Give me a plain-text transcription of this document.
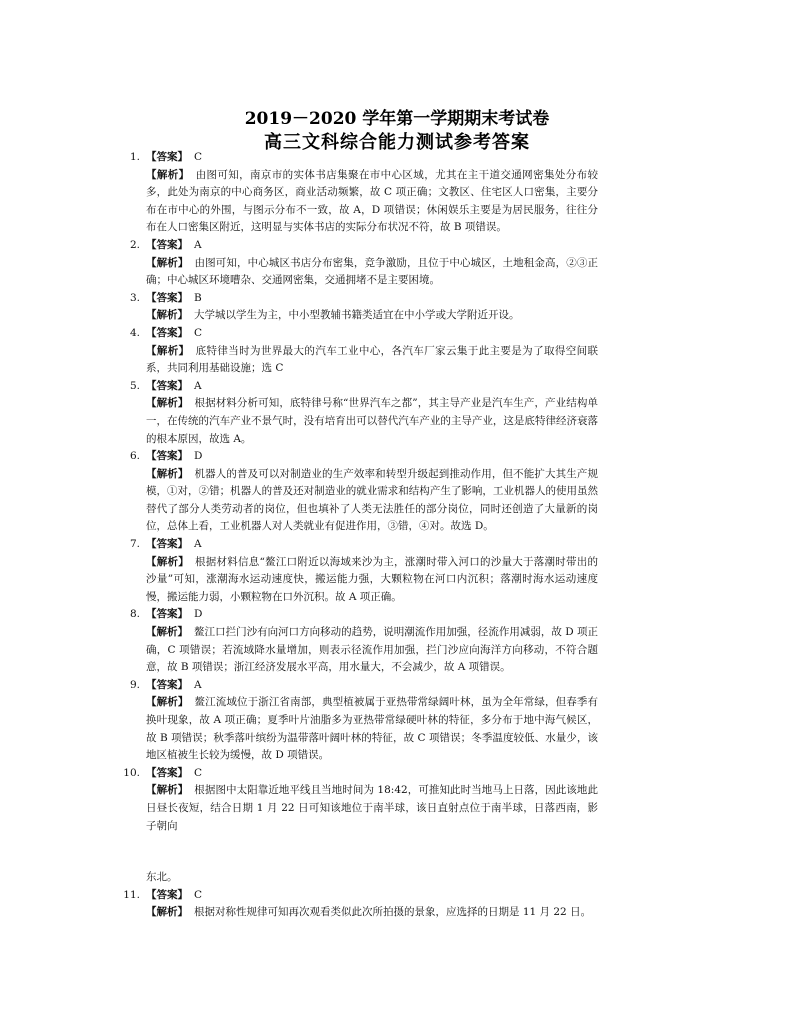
2019－2020 学年第一学期期末考试卷
高三文科综合能力测试参考答案
1. 【答案】 C
【解析】 由图可知，南京市的实体书店集聚在市中心区域，尤其在主干道交通网密集处分布较多，此处为南京的中心商务区，商业活动频繁，故 C 项正确；文教区、住宅区人口密集，主要分布在市中心的外围，与图示分布不一致，故 A，D 项错误；休闲娱乐主要是为居民服务，往往分布在人口密集区附近，这明显与实体书店的实际分布状况不符，故 B 项错误。
2. 【答案】 A
【解析】 由图可知，中心城区书店分布密集，竞争激励，且位于中心城区，土地租金高，②③正确；中心城区环境嘈杂、交通网密集，交通拥堵不是主要困境。
3. 【答案】 B
【解析】 大学城以学生为主，中小型教辅书籍类适宜在中小学或大学附近开设。
4. 【答案】 C
【解析】 底特律当时为世界最大的汽车工业中心，各汽车厂家云集于此主要是为了取得空间联系，共同利用基础设施；选 C
5. 【答案】 A
【解析】 根据材料分析可知，底特律号称“世界汽车之都”，其主导产业是汽车生产，产业结构单一，在传统的汽车产业不景气时，没有培育出可以替代汽车产业的主导产业，这是底特律经济衰落的根本原因，故选 A。
6. 【答案】 D
【解析】 机器人的普及可以对制造业的生产效率和转型升级起到推动作用，但不能扩大其生产规模，①对，②错；机器人的普及还对制造业的就业需求和结构产生了影响，工业机器人的使用虽然替代了部分人类劳动者的岗位，但也填补了人类无法胜任的部分岗位，同时还创造了大量新的岗位，总体上看，工业机器人对人类就业有促进作用，③错，④对。故选 D。
7. 【答案】 A
【解析】 根据材料信息“鳌江口附近以海域来沙为主，涨潮时带入河口的沙量大于落潮时带出的沙量”可知，涨潮海水运动速度快，搬运能力强，大颗粒物在河口内沉积；落潮时海水运动速度慢，搬运能力弱，小颗粒物在口外沉积。故 A 项正确。
8. 【答案】 D
【解析】 鳌江口拦门沙有向河口方向移动的趋势，说明潮流作用加强，径流作用减弱，故 D 项正确，C 项错误；若流域降水量增加，则表示径流作用加强，拦门沙应向海洋方向移动，不符合题意，故 B 项错误；浙江经济发展水平高，用水量大，不会减少，故 A 项错误。
9. 【答案】 A
【解析】 鳌江流域位于浙江省南部，典型植被属于亚热带常绿阔叶林，虽为全年常绿，但春季有换叶现象，故 A 项正确；夏季叶片油脂多为亚热带常绿硬叶林的特征，多分布于地中海气候区，故 B 项错误；秋季落叶缤纷为温带落叶阔叶林的特征，故 C 项错误；冬季温度较低、水量少，该地区植被生长较为缓慢，故 D 项错误。
10. 【答案】 C
【解析】 根据图中太阳靠近地平线且当地时间为 18:42，可推知此时当地马上日落，因此该地此日昼长夜短，结合日期 1 月 22 日可知该地位于南半球，该日直射点位于南半球，日落西南，影子朝向
东北。
11. 【答案】 C
【解析】 根据对称性规律可知再次观看类似此次所拍摄的景象，应选择的日期是 11 月 22 日。
